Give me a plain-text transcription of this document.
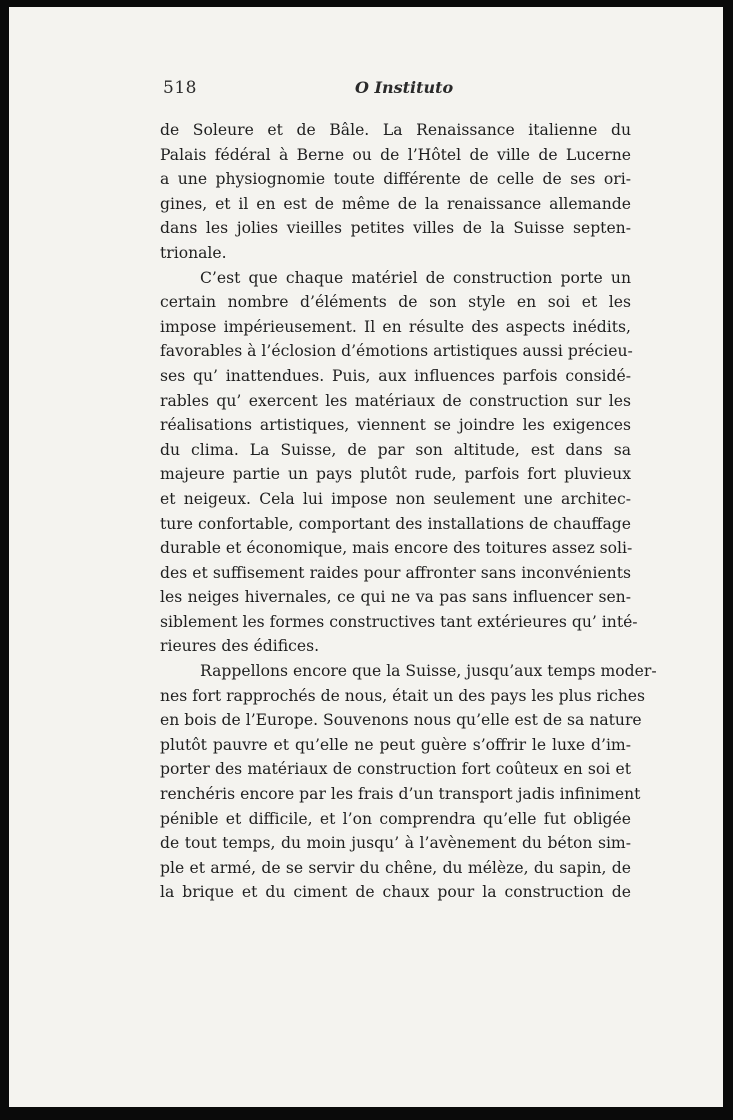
518	O Instituto
de Soleure et de Bâle. La Renaissance italienne du
Palais fédéral à Berne ou de l’Hôtel de ville de Lucerne
a une physiognomie toute différente de celle de ses ori-
gines, et il en est de même de la renaissance allemande
dans les jolies vieilles petites villes de la Suisse septen-
trionale.
C’est que chaque matériel de construction porte un
certain nombre d’éléments de son style en soi et les
impose impérieusement. Il en résulte des aspects inédits,
favorables à l’éclosion d’émotions artistiques aussi précieu-
ses qu’ inattendues. Puis, aux influences parfois considé-
rables qu’ exercent les matériaux de construction sur les
réalisations artistiques, viennent se joindre les exigences
du clima. La Suisse, de par son altitude, est dans sa
majeure partie un pays plutôt rude, parfois fort pluvieux
et neigeux. Cela lui impose non seulement une architec-
ture confortable, comportant des installations de chauffage
durable et économique, mais encore des toitures assez soli-
des et suffisement raides pour affronter sans inconvénients
les neiges hivernales, ce qui ne va pas sans influencer sen-
siblement les formes constructives tant extérieures qu’ inté-
rieures des édifices.
Rappellons encore que la Suisse, jusqu’aux temps moder-
nes fort rapprochés de nous, était un des pays les plus riches
en bois de l’Europe. Souvenons nous qu’elle est de sa nature
plutôt pauvre et qu’elle ne peut guère s’offrir le luxe d’im-
porter des matériaux de construction fort coûteux en soi et
renchéris encore par les frais d’un transport jadis infiniment
pénible et difficile, et l’on comprendra qu’elle fut obligée
de tout temps, du moin jusqu’ à l’avènement du béton sim-
ple et armé, de se servir du chêne, du mélèze, du sapin, de
la brique et du ciment de chaux pour la construction de
